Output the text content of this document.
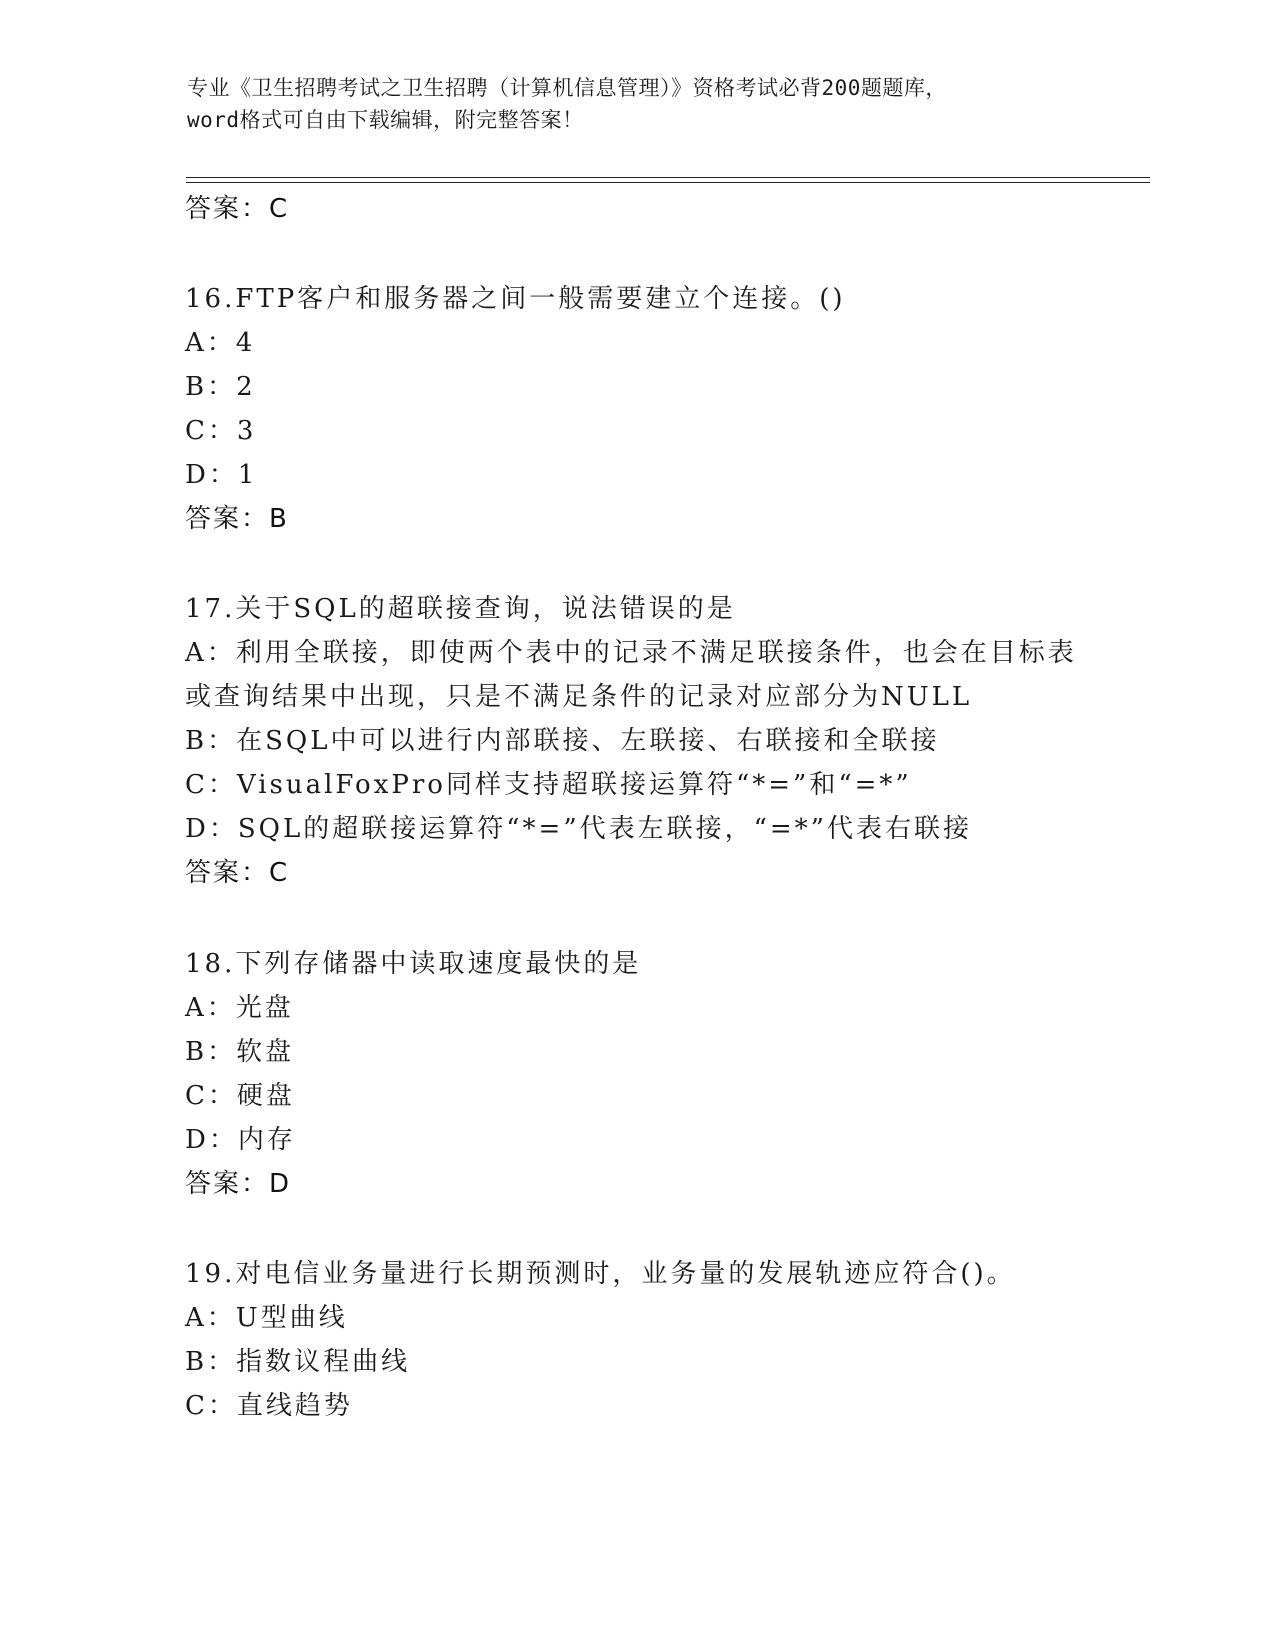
专业《卫生招聘考试之卫生招聘（计算机信息管理）》资格考试必背200题题库，
word格式可自由下载编辑，附完整答案！
答案：C
16.FTP客户和服务器之间一般需要建立个连接。()
A：4
B：2
C：3
D：1
答案：B
17.关于SQL的超联接查询，说法错误的是
A：利用全联接，即使两个表中的记录不满足联接条件，也会在目标表
或查询结果中出现，只是不满足条件的记录对应部分为NULL
B：在SQL中可以进行内部联接、左联接、右联接和全联接
C：VisualFoxPro同样支持超联接运算符“*=”和“=*”
D：SQL的超联接运算符“*=”代表左联接，“=*”代表右联接
答案：C
18.下列存储器中读取速度最快的是
A：光盘
B：软盘
C：硬盘
D：内存
答案：D
19.对电信业务量进行长期预测时，业务量的发展轨迹应符合()。
A：U型曲线
B：指数议程曲线
C：直线趋势
